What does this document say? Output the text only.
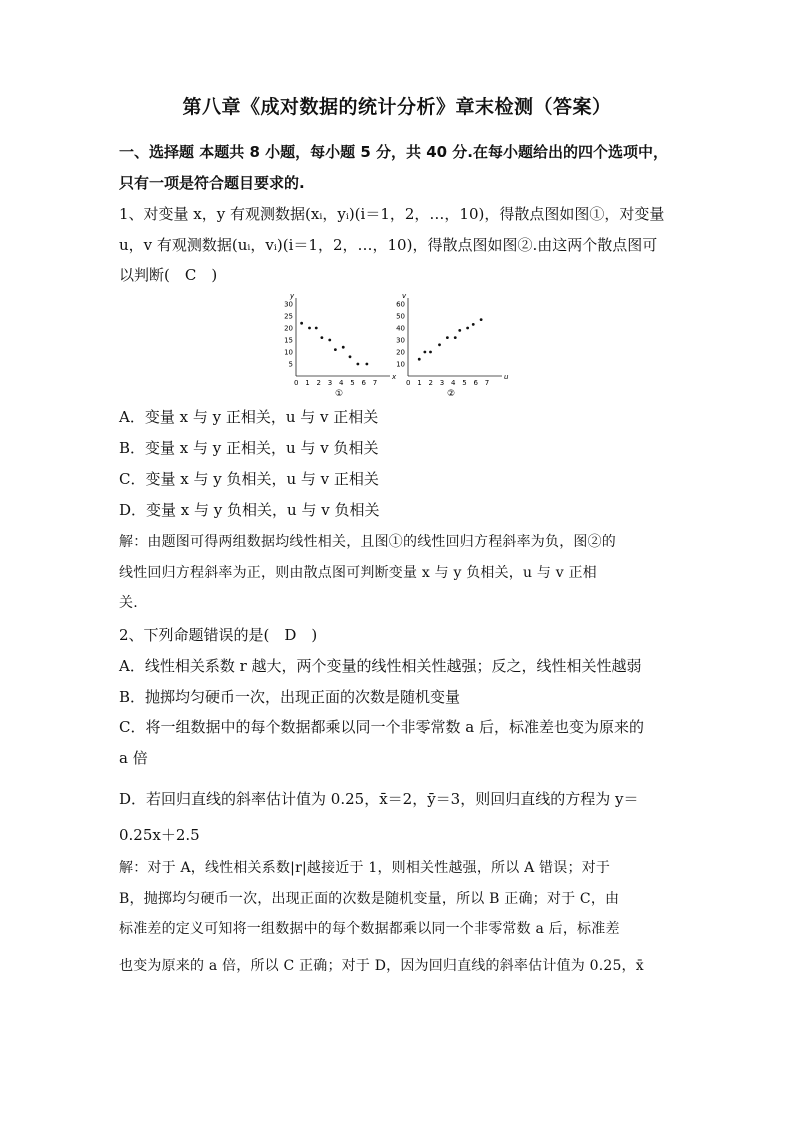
第八章《成对数据的统计分析》章末检测（答案）
一、选择题 本题共 8 小题，每小题 5 分，共 40 分.在每小题给出的四个选项中，
只有一项是符合题目要求的.
1、对变量 x，y 有观测数据(xᵢ，yᵢ)(i＝1，2，…，10)，得散点图如图①，对变量
u，v 有观测数据(uᵢ，vᵢ)(i＝1，2，…，10)，得散点图如图②.由这两个散点图可
以判断(　C　)
x
y
0 1 2 3 4 5 6 7
5
10
15
20
25
30
①
u
v
0 1 2 3 4 5 6 7
10
20
30
40
50
60
②
A．变量 x 与 y 正相关，u 与 v 正相关
B．变量 x 与 y 正相关，u 与 v 负相关
C．变量 x 与 y 负相关，u 与 v 正相关
D．变量 x 与 y 负相关，u 与 v 负相关
解：由题图可得两组数据均线性相关，且图①的线性回归方程斜率为负，图②的
线性回归方程斜率为正，则由散点图可判断变量 x 与 y 负相关，u 与 v 正相
关.
2、下列命题错误的是(　D　)
A．线性相关系数 r 越大，两个变量的线性相关性越强；反之，线性相关性越弱
B．抛掷均匀硬币一次，出现正面的次数是随机变量
C．将一组数据中的每个数据都乘以同一个非零常数 a 后，标准差也变为原来的
a 倍
D．若回归直线的斜率估计值为 0.25，x̄＝2，ȳ＝3，则回归直线的方程为 y＝
0.25x＋2.5
解：对于 A，线性相关系数|r|越接近于 1，则相关性越强，所以 A 错误；对于
B，抛掷均匀硬币一次，出现正面的次数是随机变量，所以 B 正确；对于 C，由
标准差的定义可知将一组数据中的每个数据都乘以同一个非零常数 a 后，标准差
也变为原来的 a 倍，所以 C 正确；对于 D，因为回归直线的斜率估计值为 0.25，x̄
